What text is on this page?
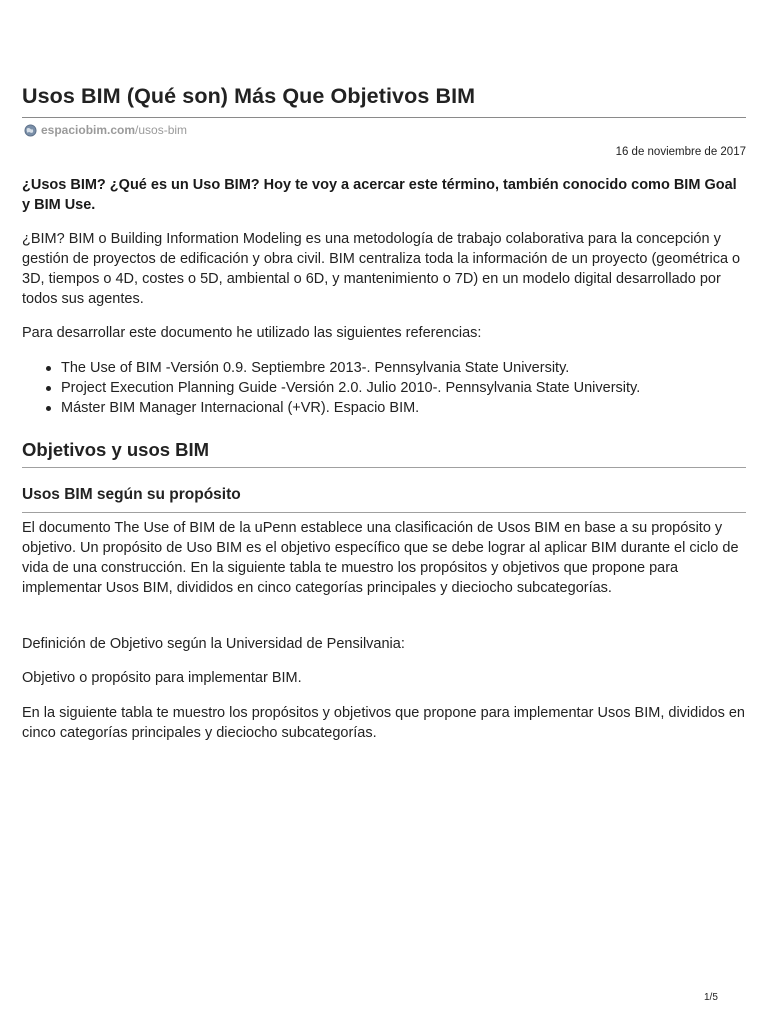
Usos BIM (Qué son) Más Que Objetivos BIM
espaciobim.com /usos-bim
16 de noviembre de 2017

¿Usos BIM? ¿Qué es un Uso BIM? Hoy te voy a acercar este término, también conocido como BIM Goal y BIM Use.

¿BIM? BIM o Building Information Modeling es una metodología de trabajo colaborativa para la concepción y gestión de proyectos de edificación y obra civil. BIM centraliza toda la información de un proyecto (geométrica o 3D, tiempos o 4D, costes o 5D, ambiental o 6D, y mantenimiento o 7D) en un modelo digital desarrollado por todos sus agentes.

Para desarrollar este documento he utilizado las siguientes referencias:

The Use of BIM -Versión 0.9. Septiembre 2013-. Pennsylvania State University.
Project Execution Planning Guide -Versión 2.0. Julio 2010-. Pennsylvania State University.
Máster BIM Manager Internacional (+VR). Espacio BIM.
Objetivos y usos BIM
Usos BIM según su propósito

El documento The Use of BIM de la uPenn establece una clasificación de Usos BIM en base a su propósito y objetivo. Un propósito de Uso BIM es el objetivo específico que se debe lograr al aplicar BIM durante el ciclo de vida de una construcción. En la siguiente tabla te muestro los propósitos y objetivos que propone para implementar Usos BIM, divididos en cinco categorías principales y dieciocho subcategorías.

Definición de Objetivo según la Universidad de Pensilvania:

Objetivo o propósito para implementar BIM.

En la siguiente tabla te muestro los propósitos y objetivos que propone para implementar Usos BIM, divididos en cinco categorías principales y dieciocho subcategorías.

1/5
